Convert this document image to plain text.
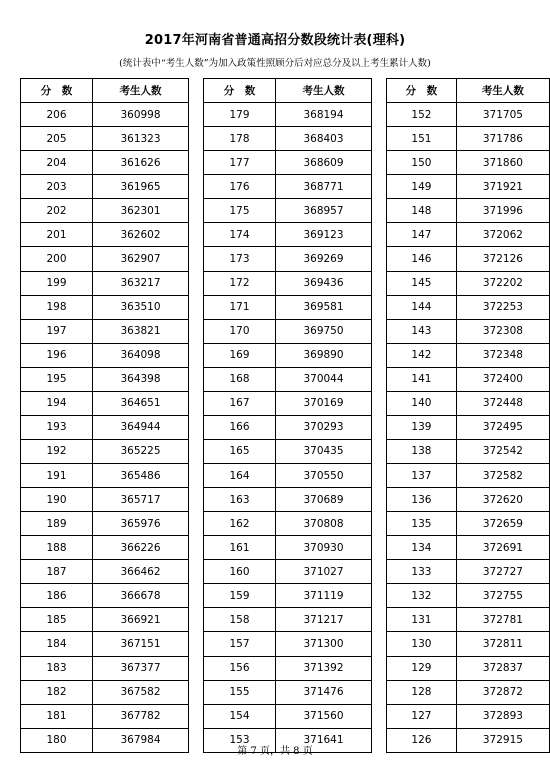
2017年河南省普通高招分数段统计表(理科)
(统计表中“考生人数”为加入政策性照顾分后对应总分及以上考生累计人数)
分　数	考生人数
206	360998
205	361323
204	361626
203	361965
202	362301
201	362602
200	362907
199	363217
198	363510
197	363821
196	364098
195	364398
194	364651
193	364944
192	365225
191	365486
190	365717
189	365976
188	366226
187	366462
186	366678
185	366921
184	367151
183	367377
182	367582
181	367782
180	367984
分　数	考生人数
179	368194
178	368403
177	368609
176	368771
175	368957
174	369123
173	369269
172	369436
171	369581
170	369750
169	369890
168	370044
167	370169
166	370293
165	370435
164	370550
163	370689
162	370808
161	370930
160	371027
159	371119
158	371217
157	371300
156	371392
155	371476
154	371560
153	371641
分　数	考生人数
152	371705
151	371786
150	371860
149	371921
148	371996
147	372062
146	372126
145	372202
144	372253
143	372308
142	372348
141	372400
140	372448
139	372495
138	372542
137	372582
136	372620
135	372659
134	372691
133	372727
132	372755
131	372781
130	372811
129	372837
128	372872
127	372893
126	372915
第 7 页，共 8 页
